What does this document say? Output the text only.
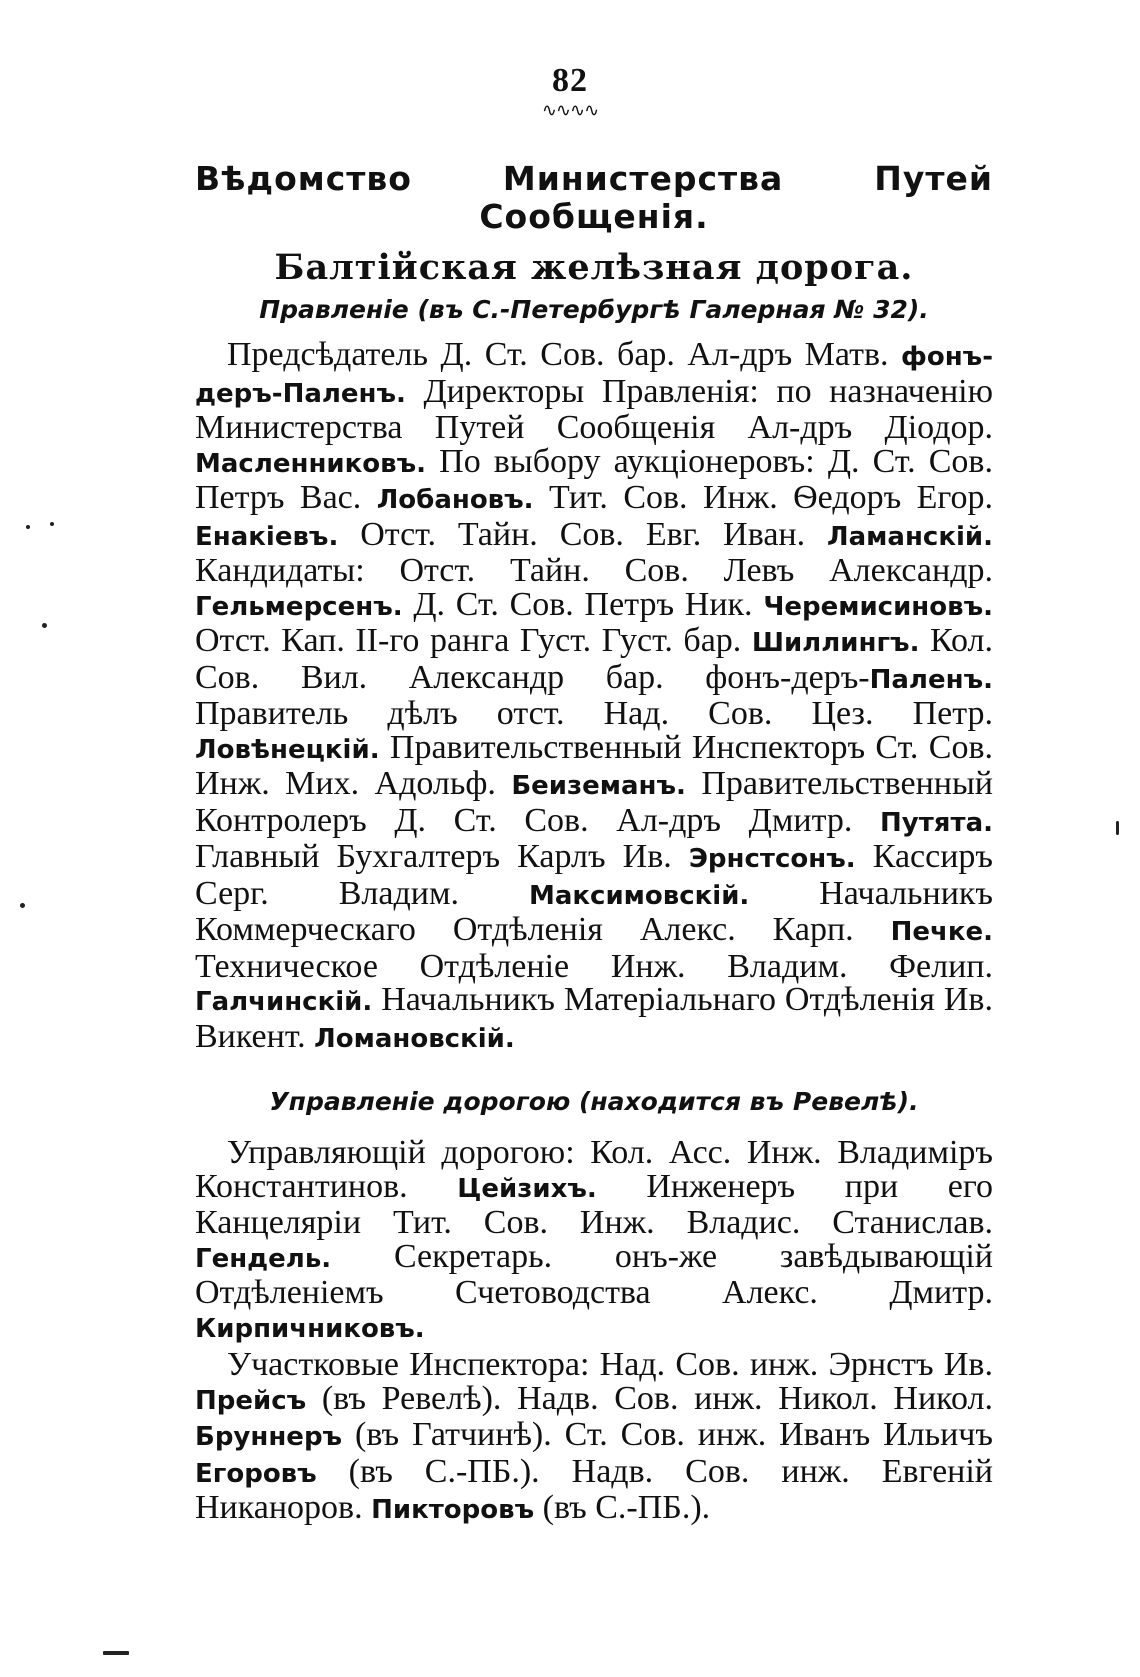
82
∿∿∿∿
Вѣдомство Министерства Путей Сообщенія.
Балтійская желѣзная дорога.
Правленіе (въ С.-Петербургѣ Галерная № 32).

Предсѣдатель Д. Ст. Сов. бар. Ал-дръ Матв. фонъ-деръ-Паленъ. Директоры Правленія: по назначенію Министерства Путей Сообщенія Ал-дръ Діодор. Масленниковъ. По выбору аукціонеровъ: Д. Ст. Сов. Петръ Вас. Лобановъ. Тит. Сов. Инж. Ѳедоръ Егор. Енакіевъ. Отст. Тайн. Сов. Евг. Иван. Ламанскій. Кандидаты: Отст. Тайн. Сов. Левъ Александр. Гельмерсенъ. Д. Ст. Сов. Петръ Ник. Черемисиновъ. Отст. Кап. II-го ранга Густ. Густ. бар. Шиллингъ. Кол. Сов. Вил. Александр бар. фонъ-деръ-Паленъ. Правитель дѣлъ отст. Над. Сов. Цез. Петр. Ловѣнецкій. Правительственный Инспекторъ Ст. Сов. Инж. Мих. Адольф. Беиземанъ. Правительственный Контролеръ Д. Ст. Сов. Ал-дръ Дмитр. Путята. Главный Бухгалтеръ Карлъ Ив. Эрнстсонъ. Кассиръ Серг. Владим. Максимовскій. Начальникъ Коммерческаго Отдѣленія Алекс. Карп. Печке. Техническое Отдѣленіе Инж. Владим. Фелип. Галчинскій. Начальникъ Матеріальнаго Отдѣленія Ив. Викент. Ломановскій.

Управленіе дорогою (находится въ Ревелѣ).

Управляющій дорогою: Кол. Асс. Инж. Владиміръ Константинов. Цейзихъ. Инженеръ при его Канцеляріи Тит. Сов. Инж. Владис. Станислав. Гендель. Секретарь. онъ-же завѣдывающій Отдѣленіемъ Счетоводства Алекс. Дмитр. Кирпичниковъ.

Участковые Инспектора: Над. Сов. инж. Эрнстъ Ив. Прейсъ (въ Ревелѣ). Надв. Сов. инж. Никол. Никол. Бруннеръ (въ Гатчинѣ). Ст. Сов. инж. Иванъ Ильичъ Егоровъ (въ С.-ПБ.). Надв. Сов. инж. Евгеній Никаноров. Пикторовъ (въ С.-ПБ.).
